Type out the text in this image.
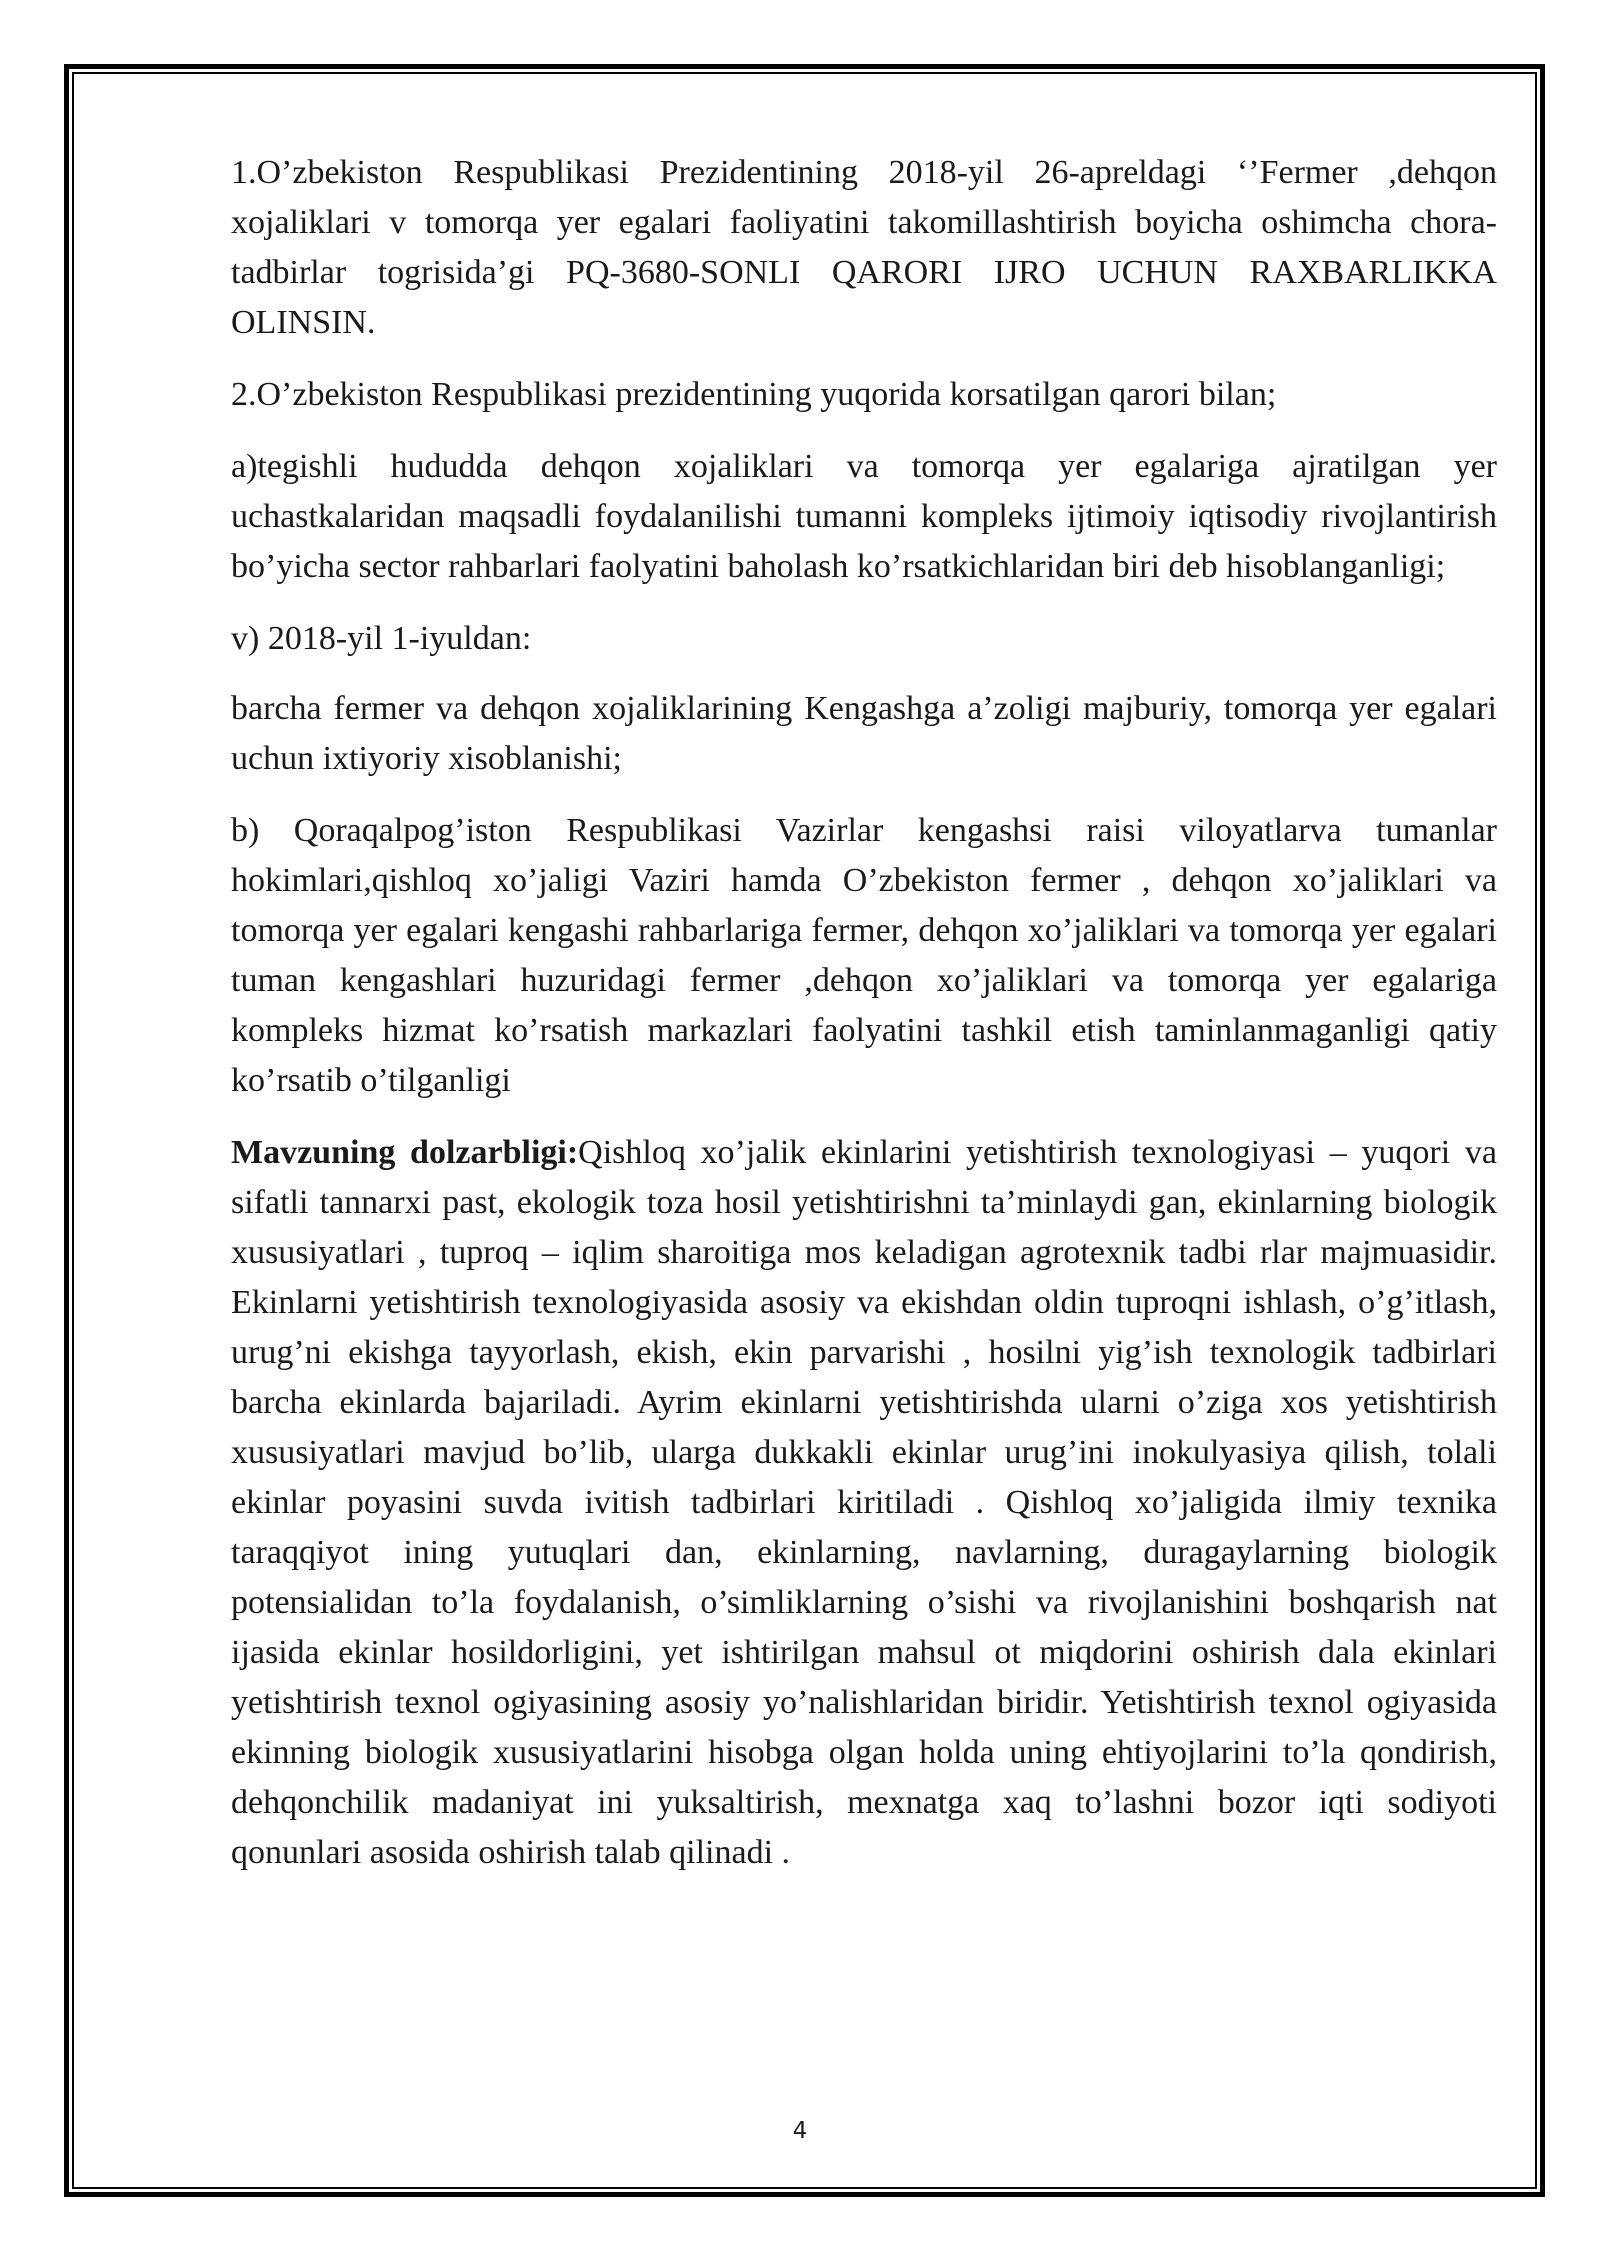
1.O’zbekiston Respublikasi Prezidentining 2018-yil 26-apreldagi ‘’Fermer ,dehqon xojaliklari v tomorqa yer egalari faoliyatini takomillashtirish boyicha oshimcha chora-tadbirlar togrisida’gi PQ-3680-SONLI QARORI IJRO UCHUN RAXBARLIKKA OLINSIN.

2.O’zbekiston Respublikasi prezidentining yuqorida korsatilgan qarori bilan;

a)tegishli hududda dehqon xojaliklari va tomorqa yer egalariga ajratilgan yer uchastkalaridan maqsadli foydalanilishi tumanni kompleks ijtimoiy iqtisodiy rivojlantirish bo’yicha sector rahbarlari faolyatini baholash ko’rsatkichlaridan biri deb hisoblanganligi;

v) 2018-yil 1-iyuldan:

barcha fermer va dehqon xojaliklarining Kengashga a’zoligi majburiy, tomorqa yer egalari uchun ixtiyoriy xisoblanishi;

b) Qoraqalpog’iston Respublikasi Vazirlar kengashsi raisi viloyatlarva tumanlar hokimlari,qishloq xo’jaligi Vaziri hamda O’zbekiston fermer , dehqon xo’jaliklari va tomorqa yer egalari kengashi rahbarlariga fermer, dehqon xo’jaliklari va tomorqa yer egalari tuman kengashlari huzuridagi fermer ,dehqon xo’jaliklari va tomorqa yer egalariga kompleks hizmat ko’rsatish markazlari faolyatini tashkil etish taminlanmaganligi qatiy ko’rsatib o’tilganligi

Mavzuning dolzarbligi:Qishloq xo’jalik ekinlarini yetishtirish texnologiyasi – yuqori va sifatli tannarxi past, ekologik toza hosil yetishtirishni ta’minlaydi gan, ekinlarning biologik xususiyatlari , tuproq – iqlim sharoitiga mos keladigan agrotexnik tadbi rlar majmuasidir. Ekinlarni yetishtirish texnologiyasida asosiy va ekishdan oldin tuproqni ishlash, o’g’itlash, urug’ni ekishga tayyorlash, ekish, ekin parvarishi , hosilni yig’ish texnologik tadbirlari barcha ekinlarda bajariladi. Ayrim ekinlarni yetishtirishda ularni o’ziga xos yetishtirish xususiyatlari mavjud bo’lib, ularga dukkakli ekinlar urug’ini inokulyasiya qilish, tolali ekinlar poyasini suvda ivitish tadbirlari kiritiladi . Qishloq xo’jaligida ilmiy texnika taraqqiyot ining yutuqlari dan, ekinlarning, navlarning, duragaylarning biologik potensialidan to’la foydalanish, o’simliklarning o’sishi va rivojlanishini boshqarish nat ijasida ekinlar hosildorligini, yet ishtirilgan mahsul ot miqdorini oshirish dala ekinlari yetishtirish texnol ogiyasining asosiy yo’nalishlaridan biridir. Yetishtirish texnol ogiyasida ekinning biologik xususiyatlarini hisobga olgan holda uning ehtiyojlarini to’la qondirish, dehqonchilik madaniyat ini yuksaltirish, mexnatga xaq to’lashni bozor iqti sodiyoti qonunlari asosida oshirish talab qilinadi .

4
